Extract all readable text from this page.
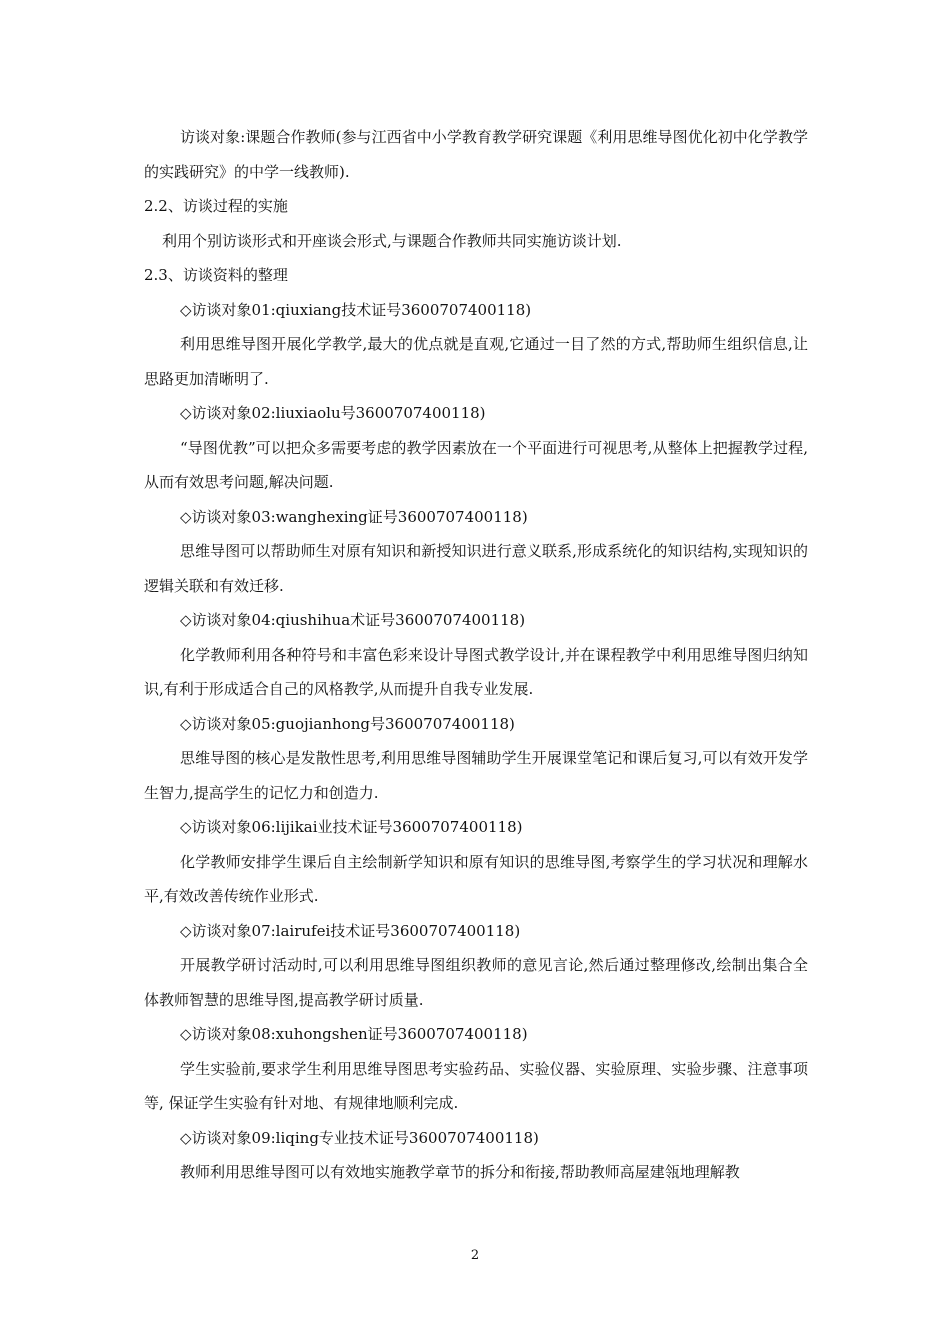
访谈对象:课题合作教师(参与江西省中小学教育教学研究课题《利用思维导图优化初中化学教学的实践研究》的中学一线教师).

2.2、访谈过程的实施

利用个别访谈形式和开座谈会形式,与课题合作教师共同实施访谈计划.

2.3、访谈资料的整理

◇访谈对象01:qiuxiang技术证号3600707400118)

利用思维导图开展化学教学,最大的优点就是直观,它通过一目了然的方式,帮助师生组织信息,让思路更加清晰明了.

◇访谈对象02:liuxiaolu号3600707400118)

“导图优教”可以把众多需要考虑的教学因素放在一个平面进行可视思考,从整体上把握教学过程,从而有效思考问题,解决问题.

◇访谈对象03:wanghexing证号3600707400118)

思维导图可以帮助师生对原有知识和新授知识进行意义联系,形成系统化的知识结构,实现知识的逻辑关联和有效迁移.

◇访谈对象04:qiushihua术证号3600707400118)

化学教师利用各种符号和丰富色彩来设计导图式教学设计,并在课程教学中利用思维导图归纳知识,有利于形成适合自己的风格教学,从而提升自我专业发展.

◇访谈对象05:guojianhong号3600707400118)

思维导图的核心是发散性思考,利用思维导图辅助学生开展课堂笔记和课后复习,可以有效开发学生智力,提高学生的记忆力和创造力.

◇访谈对象06:lijikai业技术证号3600707400118)

化学教师安排学生课后自主绘制新学知识和原有知识的思维导图,考察学生的学习状况和理解水平,有效改善传统作业形式.

◇访谈对象07:lairufei技术证号3600707400118)

开展教学研讨活动时,可以利用思维导图组织教师的意见言论,然后通过整理修改,绘制出集合全体教师智慧的思维导图,提高教学研讨质量.

◇访谈对象08:xuhongshen证号3600707400118)

学生实验前,要求学生利用思维导图思考实验药品、实验仪器、实验原理、实验步骤、注意事项等, 保证学生实验有针对地、有规律地顺利完成.

◇访谈对象09:liqing专业技术证号3600707400118)

教师利用思维导图可以有效地实施教学章节的拆分和衔接,帮助教师高屋建瓴地理解教

2
